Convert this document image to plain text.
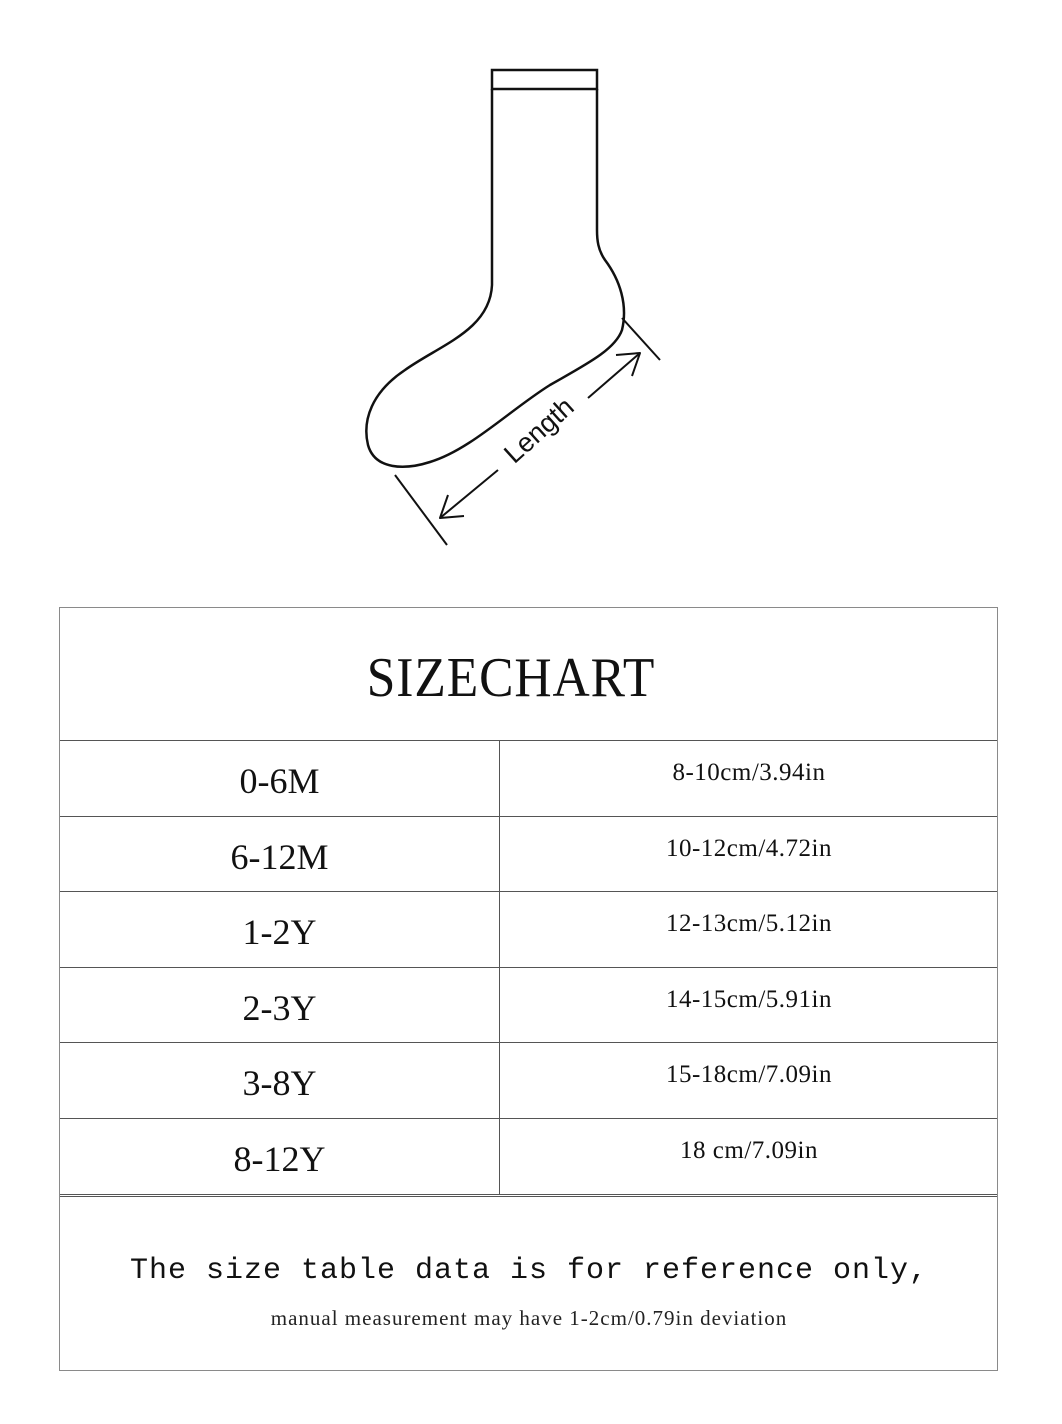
Length
SIZECHART
0-6M	8-10cm/3.94in
6-12M	10-12cm/4.72in
1-2Y	12-13cm/5.12in
2-3Y	14-15cm/5.91in
3-8Y	15-18cm/7.09in
8-12Y	18 cm/7.09in
The size table data is for reference only,
manual measurement may have 1-2cm/0.79in deviation
